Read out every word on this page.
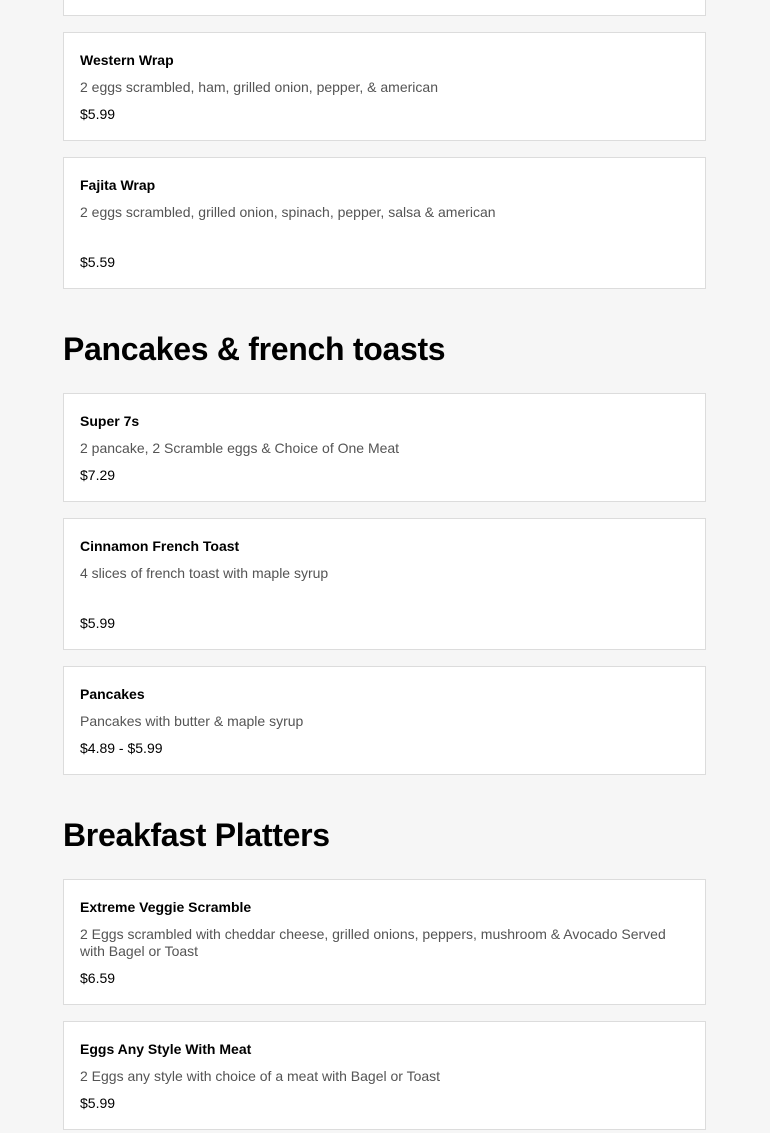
Western Wrap
2 eggs scrambled, ham, grilled onion, pepper, & american
$5.99
Fajita Wrap
2 eggs scrambled, grilled onion, spinach, pepper, salsa & american
$5.59
Pancakes & french toasts
Super 7s
2 pancake, 2 Scramble eggs & Choice of One Meat
$7.29
Cinnamon French Toast
4 slices of french toast with maple syrup
$5.99
Pancakes
Pancakes with butter & maple syrup
$4.89 - $5.99
Breakfast Platters
Extreme Veggie Scramble
2 Eggs scrambled with cheddar cheese, grilled onions, peppers, mushroom & Avocado Served with Bagel or Toast
$6.59
Eggs Any Style With Meat
2 Eggs any style with choice of a meat with Bagel or Toast
$5.99
